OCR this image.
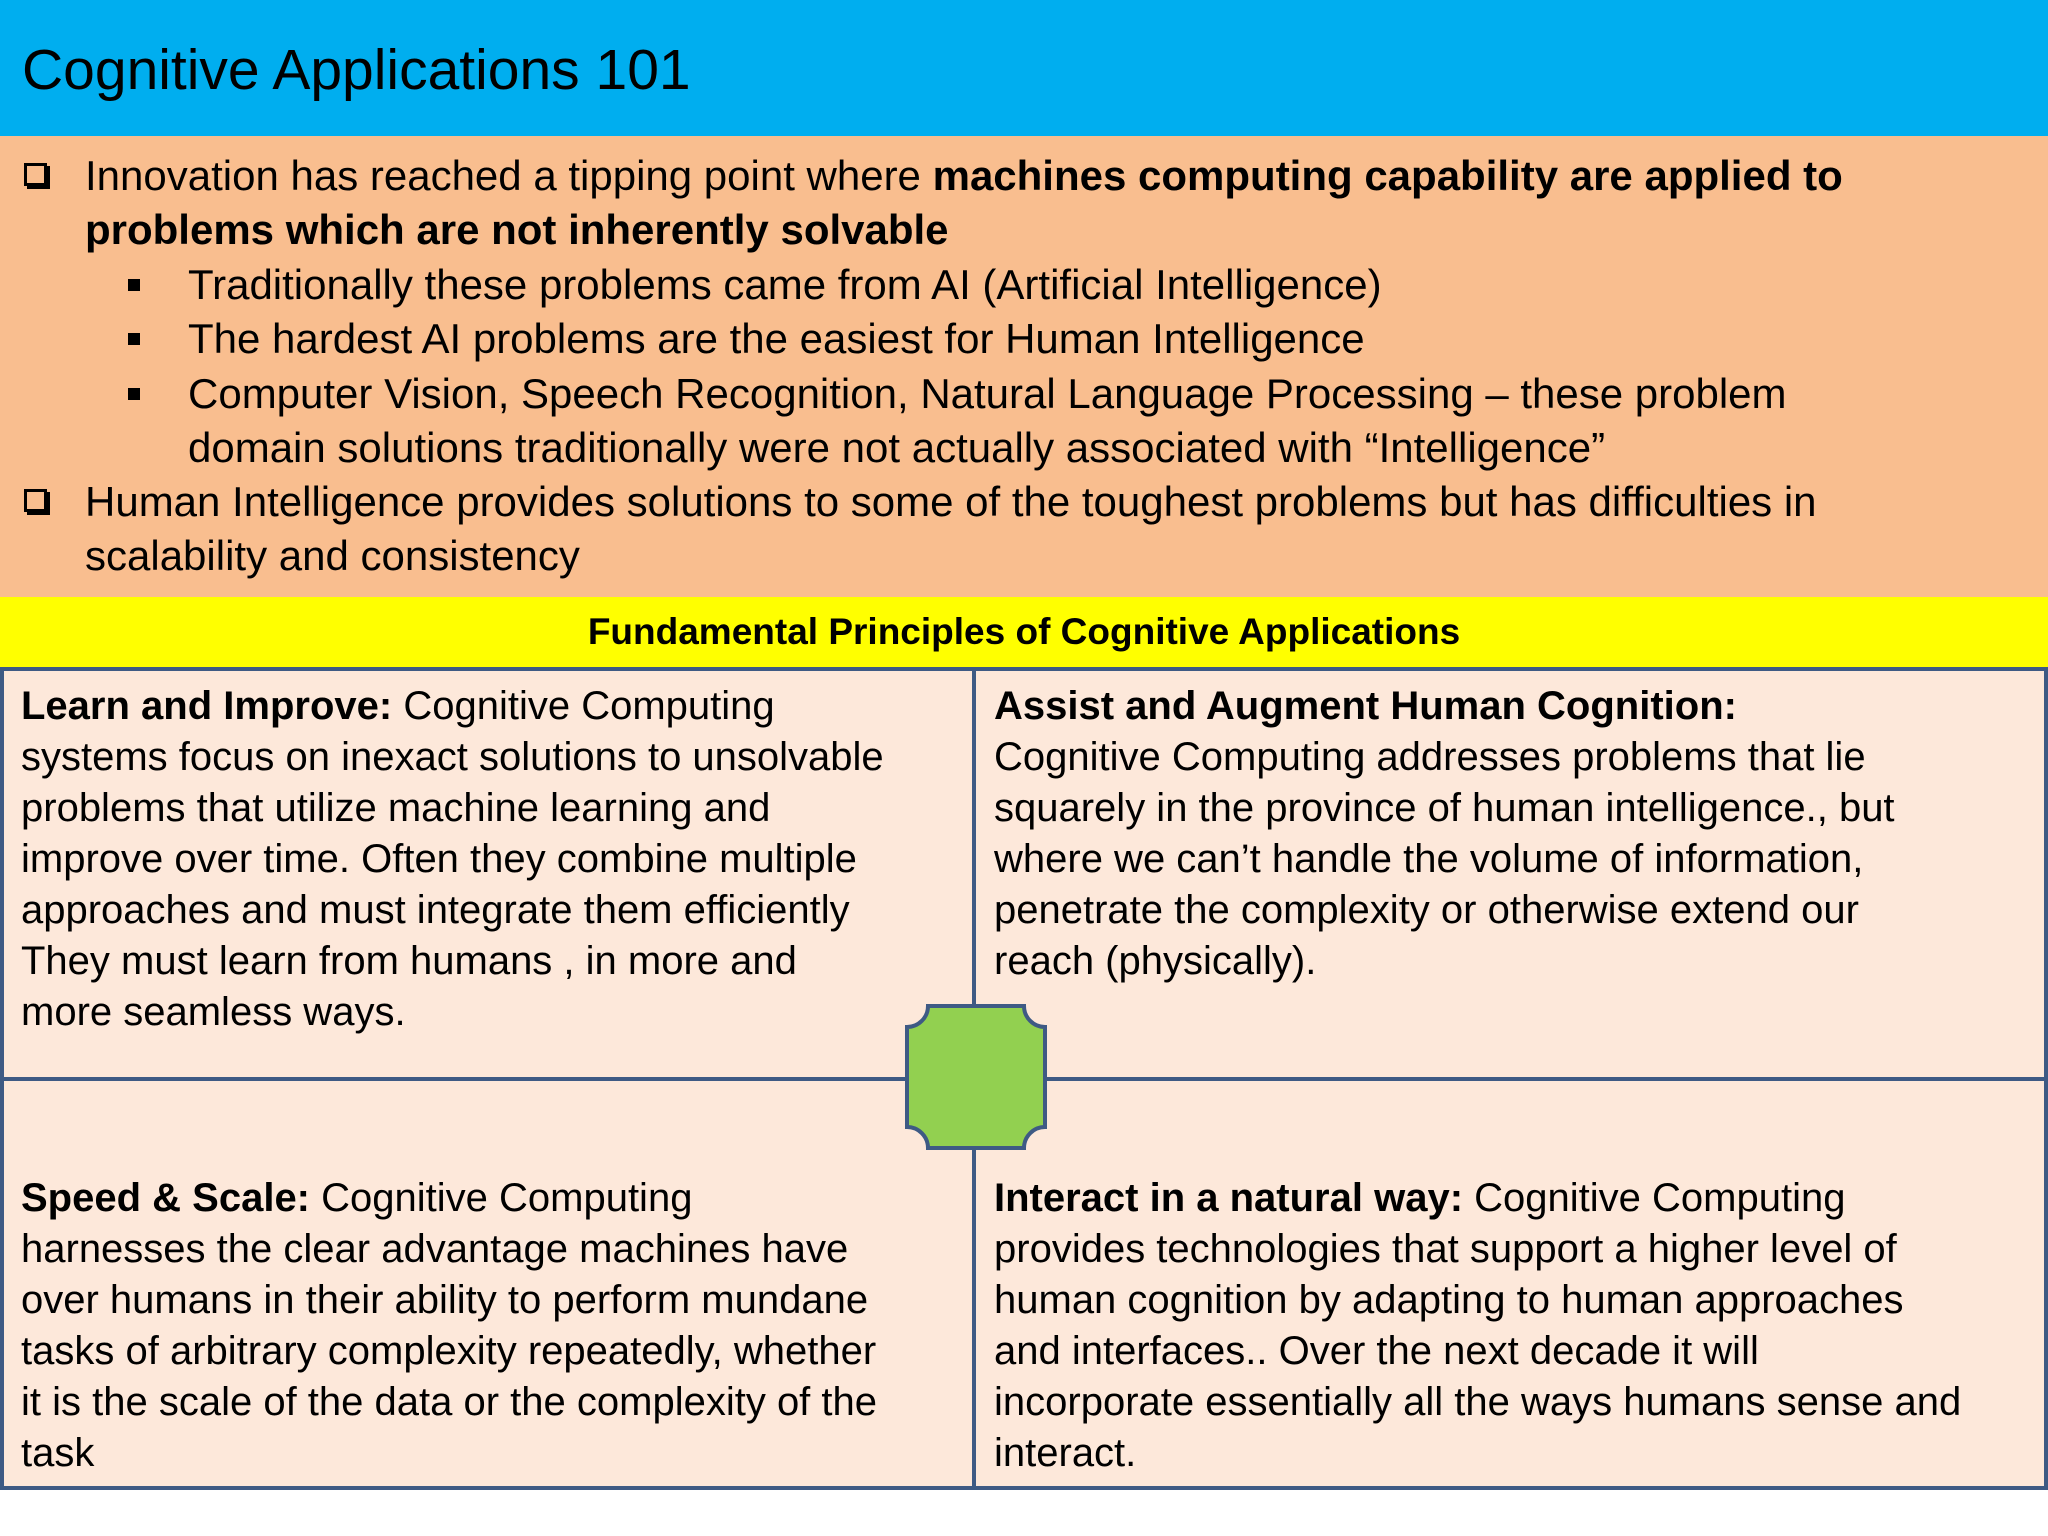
Cognitive Applications 101
Innovation has reached a tipping point where machines computing capability are applied to
problems which are not inherently solvable
Traditionally these problems came from AI (Artificial Intelligence)
The hardest AI problems are the easiest for Human Intelligence
Computer Vision, Speech Recognition, Natural Language Processing – these problem
domain solutions traditionally were not actually associated with “Intelligence”
Human Intelligence provides solutions to some of the toughest problems but has difficulties in
scalability and consistency
Fundamental Principles of Cognitive Applications
Learn and Improve: Cognitive Computing
systems focus on inexact solutions to unsolvable
problems that utilize machine learning and
improve over time. Often they combine multiple
approaches and must integrate them efficiently
They must learn from humans , in more and
more seamless ways.
Assist and Augment Human Cognition:
Cognitive Computing addresses problems that lie
squarely in the province of human intelligence., but
where we can’t handle the volume of information,
penetrate the complexity or otherwise extend our
reach (physically).
Speed & Scale: Cognitive Computing
harnesses the clear advantage machines have
over humans in their ability to perform mundane
tasks of arbitrary complexity repeatedly, whether
it is the scale of the data or the complexity of the
task
Interact in a natural way: Cognitive Computing
provides technologies that support a higher level of
human cognition by adapting to human approaches
and interfaces.. Over the next decade it will
incorporate essentially all the ways humans sense and
interact.
